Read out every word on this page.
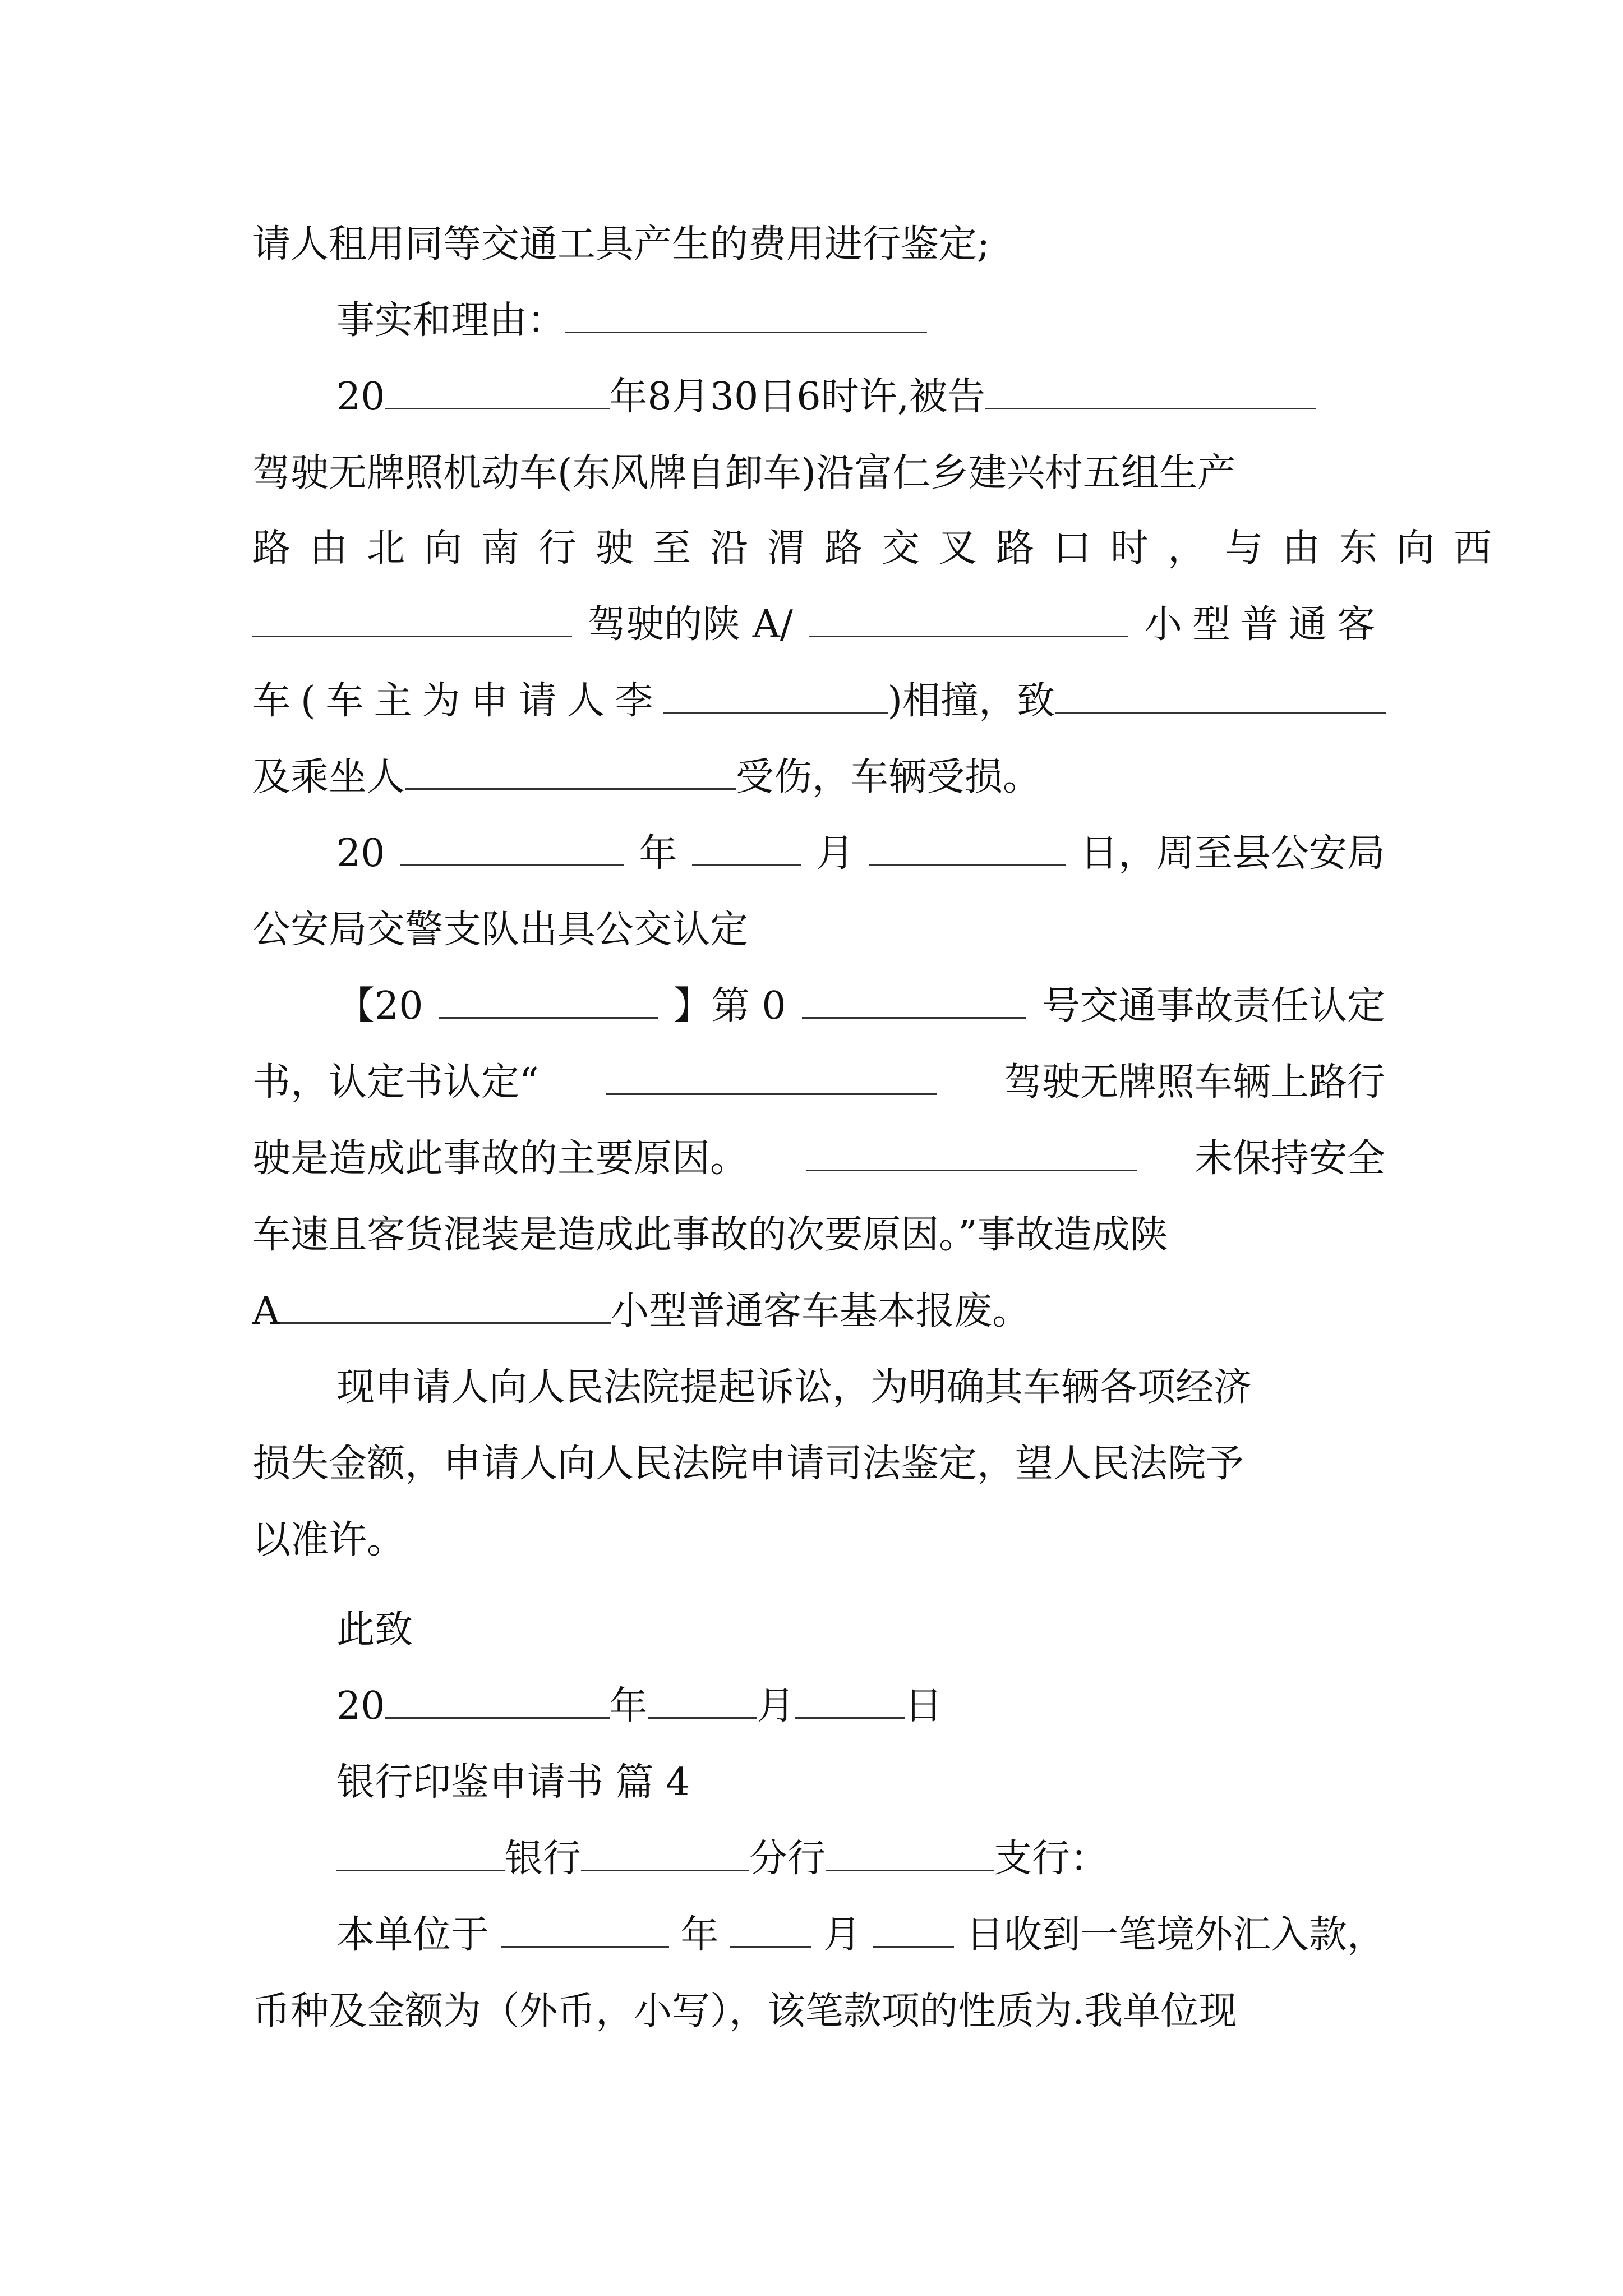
请人租用同等交通工具产生的费用进行鉴定;
事实和理由：
20	年8月30日6时许,被告
驾驶无牌照机动车(东风牌自卸车)沿富仁乡建兴村五组生产
路由北向南行驶至沿渭路交叉路口时，与由东向西
驾驶的陕 A/	小型普通客
车(车主为申请人李	)相撞，致
及乘坐人	受伤，车辆受损。
20	年	月	日，周至县公安局
公安局交警支队出具公交认定
【20	】第 0	号交通事故责任认定
书，认定书认定“	驾驶无牌照车辆上路行
驶是造成此事故的主要原因。	未保持安全
车速且客货混装是造成此事故的次要原因。”事故造成陕
A	小型普通客车基本报废。
现申请人向人民法院提起诉讼，为明确其车辆各项经济
损失金额，申请人向人民法院申请司法鉴定，望人民法院予
以准许。
此致
20	年	月	日
银行印鉴申请书 篇 4
银行	分行	支行：
本单位于	年	月	日收到一笔境外汇入款，
币种及金额为（外币，小写），该笔款项的性质为.我单位现
